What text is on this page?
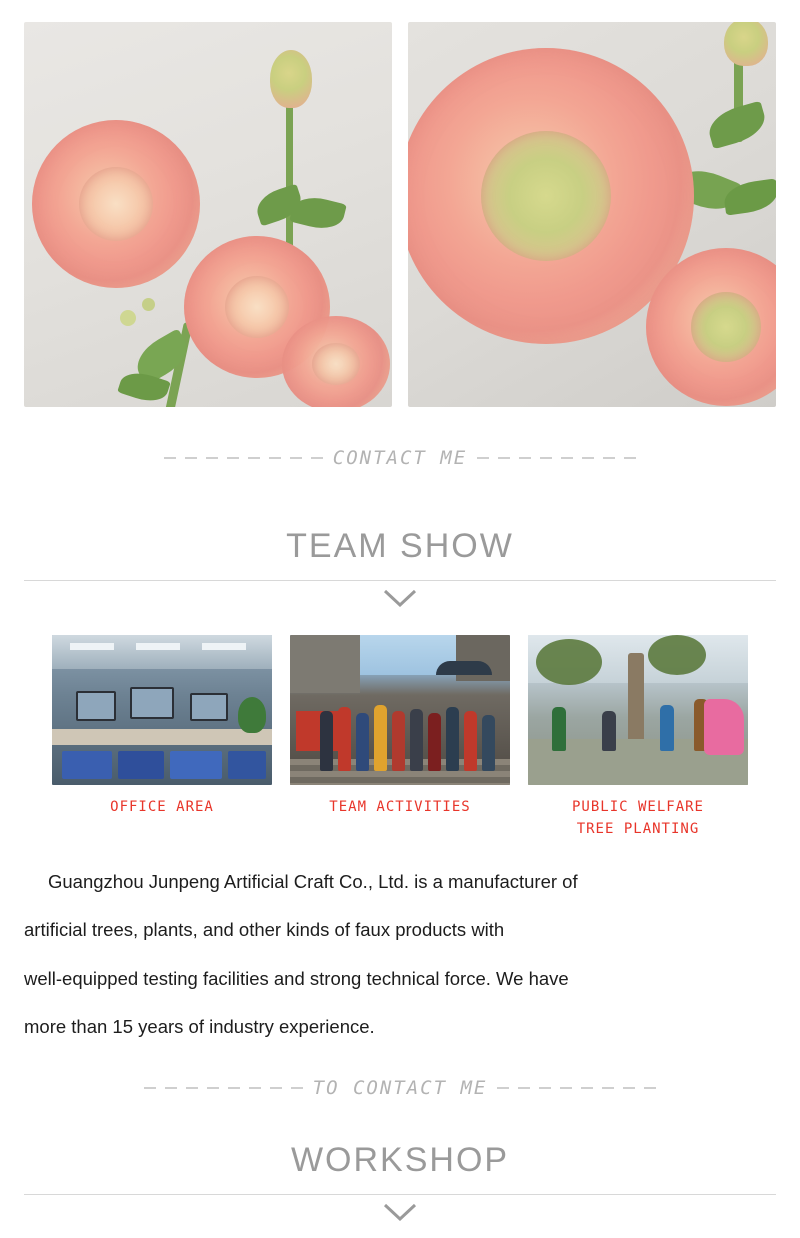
CONTACT ME
TEAM SHOW
OFFICE AREA	TEAM ACTIVITIES	PUBLIC WELFARE
TREE PLANTING
Guangzhou Junpeng Artificial Craft Co., Ltd. is a manufacturer of
artificial trees, plants, and other kinds of faux products with
well-equipped testing facilities and strong technical force. We have
more than 15 years of industry experience.
TO CONTACT ME
WORKSHOP
